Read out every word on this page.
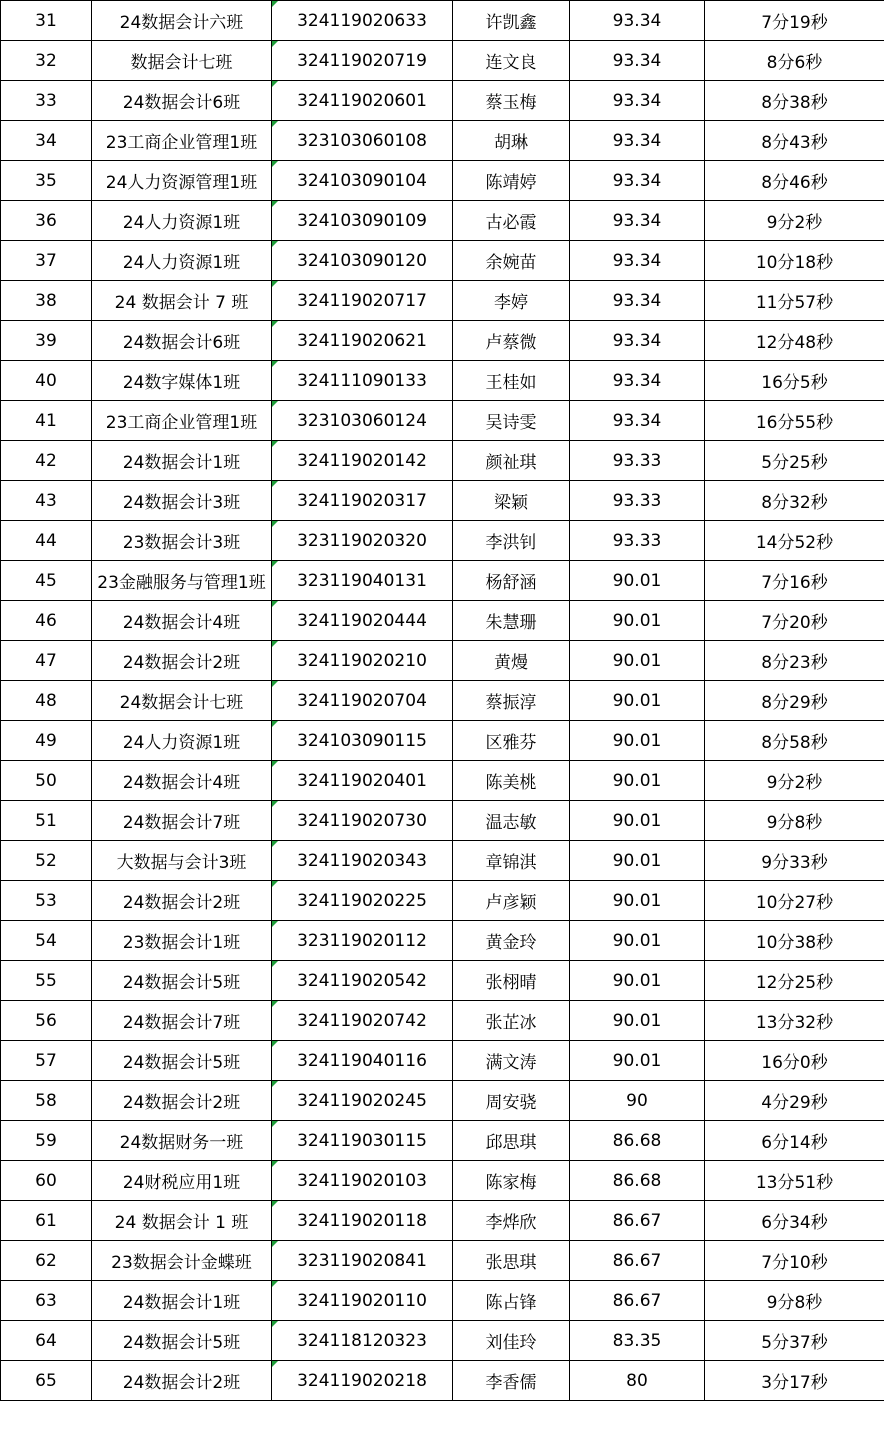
31	24数据会计六班	324119020633	许凯鑫	93.34	7分19秒
32	数据会计七班	324119020719	连文良	93.34	8分6秒
33	24数据会计6班	324119020601	蔡玉梅	93.34	8分38秒
34	23工商企业管理1班	323103060108	胡琳	93.34	8分43秒
35	24人力资源管理1班	324103090104	陈靖婷	93.34	8分46秒
36	24人力资源1班	324103090109	古必霞	93.34	9分2秒
37	24人力资源1班	324103090120	余婉苗	93.34	10分18秒
38	24 数据会计 7 班	324119020717	李婷	93.34	11分57秒
39	24数据会计6班	324119020621	卢蔡微	93.34	12分48秒
40	24数字媒体1班	324111090133	王桂如	93.34	16分5秒
41	23工商企业管理1班	323103060124	吴诗雯	93.34	16分55秒
42	24数据会计1班	324119020142	颜祉琪	93.33	5分25秒
43	24数据会计3班	324119020317	梁颖	93.33	8分32秒
44	23数据会计3班	323119020320	李洪钊	93.33	14分52秒
45	23金融服务与管理1班	323119040131	杨舒涵	90.01	7分16秒
46	24数据会计4班	324119020444	朱慧珊	90.01	7分20秒
47	24数据会计2班	324119020210	黄熳	90.01	8分23秒
48	24数据会计七班	324119020704	蔡振淳	90.01	8分29秒
49	24人力资源1班	324103090115	区雅芬	90.01	8分58秒
50	24数据会计4班	324119020401	陈美桃	90.01	9分2秒
51	24数据会计7班	324119020730	温志敏	90.01	9分8秒
52	大数据与会计3班	324119020343	章锦淇	90.01	9分33秒
53	24数据会计2班	324119020225	卢彦颖	90.01	10分27秒
54	23数据会计1班	323119020112	黄金玲	90.01	10分38秒
55	24数据会计5班	324119020542	张栩晴	90.01	12分25秒
56	24数据会计7班	324119020742	张芷冰	90.01	13分32秒
57	24数据会计5班	324119040116	满文涛	90.01	16分0秒
58	24数据会计2班	324119020245	周安骁	90	4分29秒
59	24数据财务一班	324119030115	邱思琪	86.68	6分14秒
60	24财税应用1班	324119020103	陈家梅	86.68	13分51秒
61	24 数据会计 1 班	324119020118	李烨欣	86.67	6分34秒
62	23数据会计金蝶班	323119020841	张思琪	86.67	7分10秒
63	24数据会计1班	324119020110	陈占锋	86.67	9分8秒
64	24数据会计5班	324118120323	刘佳玲	83.35	5分37秒
65	24数据会计2班	324119020218	李香儒	80	3分17秒
